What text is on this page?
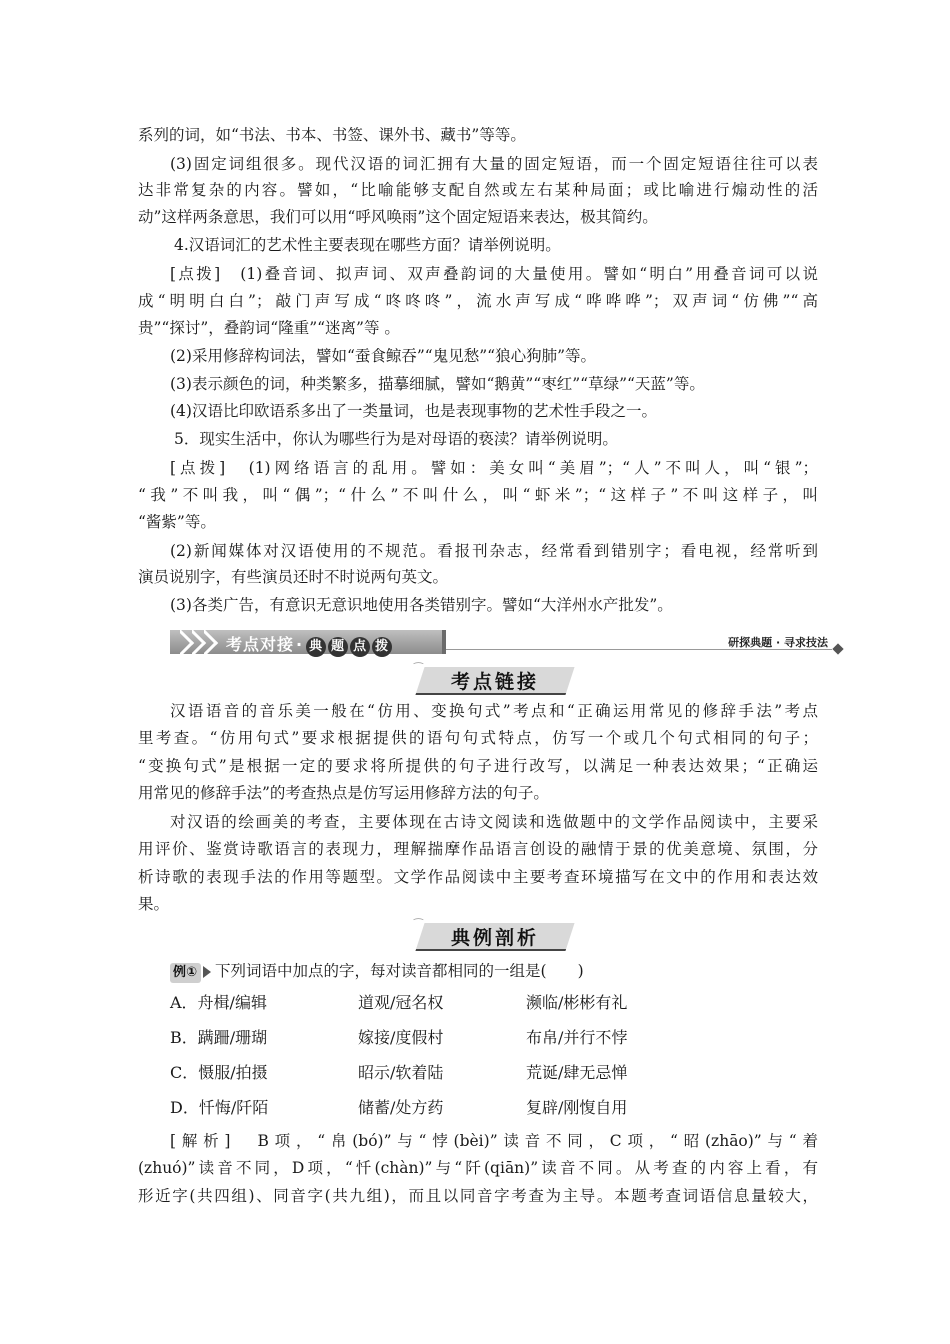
系列的词，如“书法、书本、书签、课外书、藏书”等等。
(3)固定词组很多。现代汉语的词汇拥有大量的固定短语，而一个固定短语往往可以表
达非常复杂的内容。譬如，“比喻能够支配自然或左右某种局面；或比喻进行煽动性的活
动”这样两条意思，我们可以用“呼风唤雨”这个固定短语来表达，极其简约。
4.汉语词汇的艺术性主要表现在哪些方面？请举例说明。
[点拨]　(1)叠音词、拟声词、双声叠韵词的大量使用。譬如“明白”用叠音词可以说
成“明明白白”；敲门声写成“咚咚咚”，流水声写成“哗哗哗”；双声词“仿佛”“高
贵”“探讨”，叠韵词“隆重”“迷离”等 。
(2)采用修辞构词法，譬如“蚕食鲸吞”“鬼见愁”“狼心狗肺”等。
(3)表示颜色的词，种类繁多，描摹细腻，譬如“鹅黄”“枣红”“草绿”“天蓝”等。
(4)汉语比印欧语系多出了一类量词，也是表现事物的艺术性手段之一。
5．现实生活中，你认为哪些行为是对母语的亵渎？请举例说明。
[点拨]　(1)网络语言的乱用。譬如：美女叫“美眉”；“人”不叫人，叫“银”；
“我”不叫我，叫“偶”；“什么”不叫什么，叫“虾米”；“这样子”不叫这样子，叫
“酱紫”等。
(2)新闻媒体对汉语使用的不规范。看报刊杂志，经常看到错别字；看电视，经常听到
演员说别字，有些演员还时不时说两句英文。
(3)各类广告，有意识无意识地使用各类错别字。譬如“大洋州水产批发”。
考点对接 · 典 题 点 拨	研探典题 · 寻求技法
⁀
考点链接
汉语语音的音乐美一般在“仿用、变换句式”考点和“正确运用常见的修辞手法”考点
里考查。“仿用句式”要求根据提供的语句句式特点，仿写一个或几个句式相同的句子；
“变换句式”是根据一定的要求将所提供的句子进行改写，以满足一种表达效果；“正确运
用常见的修辞手法”的考查热点是仿写运用修辞方法的句子。
对汉语的绘画美的考查，主要体现在古诗文阅读和选做题中的文学作品阅读中，主要采
用评价、鉴赏诗歌语言的表现力，理解揣摩作品语言创设的融情于景的优美意境、氛围，分
析诗歌的表现手法的作用等题型。文学作品阅读中主要考查环境描写在文中的作用和表达效
果。
⁀
典例剖析
例① 下列词语中加点的字，每对读音都相同的一组是(　　)
A．舟楫/编辑	道观/冠名权	濒临/彬彬有礼
B．蹒跚/珊瑚	嫁接/度假村	布帛/并行不悖
C．慑服/拍摄	昭示/软着陆	荒诞/肆无忌惮
D．忏悔/阡陌	储蓄/处方药	复辟/刚愎自用
[解析]　B项，“帛(bó)”与“悖(bèi)”读音不同，C项，“昭(zhāo)”与“着
(zhuó)”读音不同，D项，“忏(chàn)”与“阡(qiān)”读音不同。从考查的内容上看，有
形近字(共四组)、同音字(共九组)，而且以同音字考查为主导。本题考查词语信息量较大，
